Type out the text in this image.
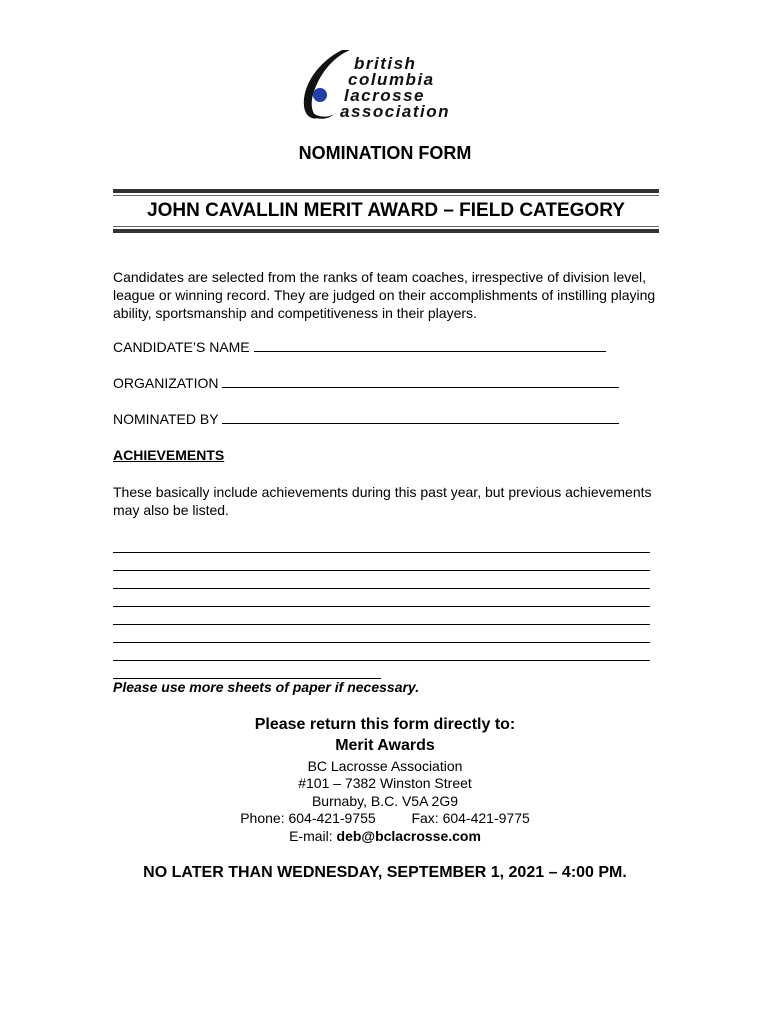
british
columbia
lacrosse
association
NOMINATION FORM
JOHN CAVALLIN MERIT AWARD – FIELD CATEGORY
Candidates are selected from the ranks of team coaches, irrespective of division level, league or winning record. They are judged on their accomplishments of instilling playing ability, sportsmanship and competitiveness in their players.
CANDIDATE’S NAME
ORGANIZATION
NOMINATED BY
ACHIEVEMENTS
These basically include achievements during this past year, but previous achievements may also be listed.
Please use more sheets of paper if necessary.
Please return this form directly to:
Merit Awards
BC Lacrosse Association
#101 – 7382 Winston Street
Burnaby, B.C. V5A 2G9
Phone: 604-421-9755	Fax: 604-421-9775
E-mail: deb@bclacrosse.com
NO LATER THAN WEDNESDAY, SEPTEMBER 1, 2021 – 4:00 PM.
